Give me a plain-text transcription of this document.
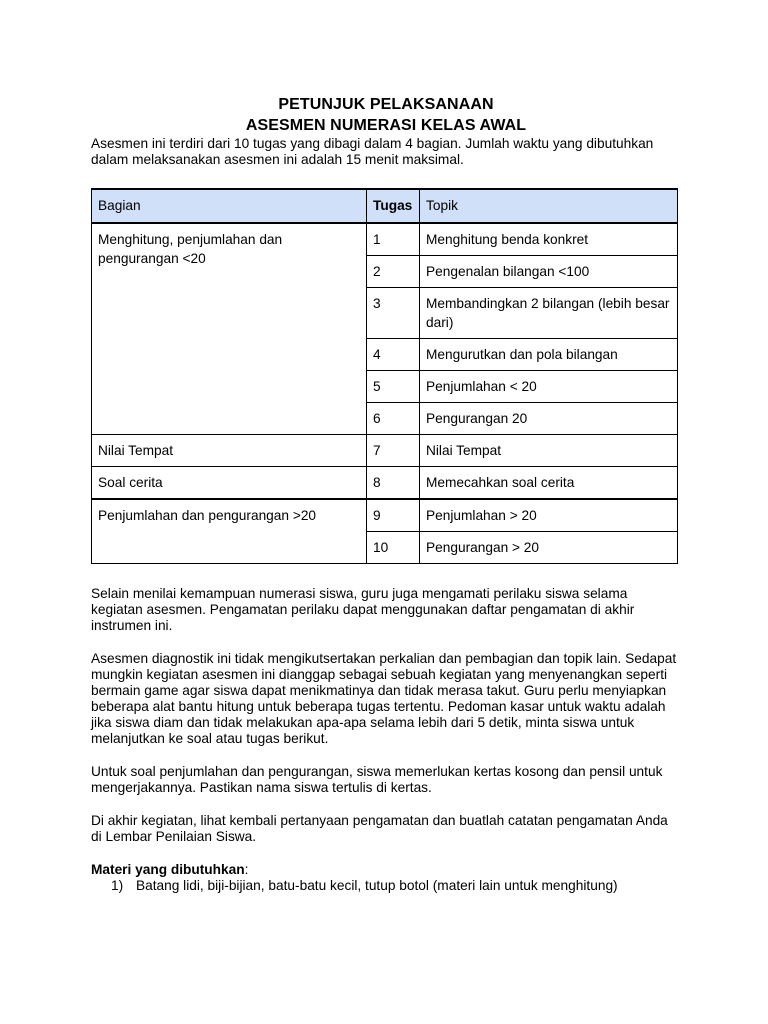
PETUNJUK PELAKSANAAN

ASESMEN NUMERASI KELAS AWAL

Asesmen ini terdiri dari 10 tugas yang dibagi dalam 4 bagian. Jumlah waktu yang dibutuhkan dalam melaksanakan asesmen ini adalah 15 menit maksimal.

Bagian	Tugas	Topik
Menghitung, penjumlahan dan pengurangan <20	1	Menghitung benda konkret
	2	Pengenalan bilangan <100
	3	Membandingkan 2 bilangan (lebih besar dari)
	4	Mengurutkan dan pola bilangan
	5	Penjumlahan < 20
	6	Pengurangan 20
Nilai Tempat	7	Nilai Tempat
Soal cerita	8	Memecahkan soal cerita
Penjumlahan dan pengurangan >20	9	Penjumlahan > 20
	10	Pengurangan > 20

Selain menilai kemampuan numerasi siswa, guru juga mengamati perilaku siswa selama kegiatan asesmen. Pengamatan perilaku dapat menggunakan daftar pengamatan di akhir instrumen ini.

Asesmen diagnostik ini tidak mengikutsertakan perkalian dan pembagian dan topik lain. Sedapat mungkin kegiatan asesmen ini dianggap sebagai sebuah kegiatan yang menyenangkan seperti bermain game agar siswa dapat menikmatinya dan tidak merasa takut. Guru perlu menyiapkan beberapa alat bantu hitung untuk beberapa tugas tertentu. Pedoman kasar untuk waktu adalah jika siswa diam dan tidak melakukan apa-apa selama lebih dari 5 detik, minta siswa untuk melanjutkan ke soal atau tugas berikut.

Untuk soal penjumlahan dan pengurangan, siswa memerlukan kertas kosong dan pensil untuk mengerjakannya. Pastikan nama siswa tertulis di kertas.

Di akhir kegiatan, lihat kembali pertanyaan pengamatan dan buatlah catatan pengamatan Anda di Lembar Penilaian Siswa.

Materi yang dibutuhkan:

1) Batang lidi, biji-bijian, batu-batu kecil, tutup botol (materi lain untuk menghitung)
